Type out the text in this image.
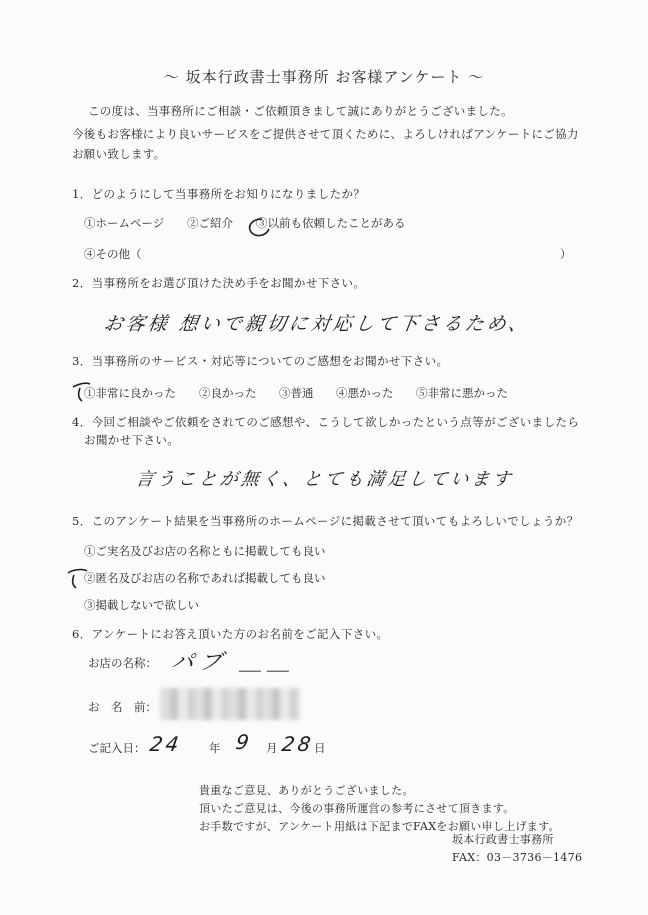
～ 坂本行政書士事務所 お客様アンケート ～
この度は、当事務所にご相談・ご依頼頂きまして誠にありがとうございました。
今後もお客様により良いサービスをご提供させて頂くために、よろしければアンケートにご協力
お願い致します。
1．どのようにして当事務所をお知りになりましたか？
①ホームページ ②ご紹介 ③以前も依頼したことがある
④その他（	）
2．当事務所をお選び頂けた決め手をお聞かせ下さい。
お客様 想いで親切に対応して下さるため、
3．当事務所のサービス・対応等についてのご感想をお聞かせ下さい。
①非常に良かった ②良かった ③普通 ④悪かった ⑤非常に悪かった
4．今回ご相談やご依頼をされてのご感想や、こうして欲しかったという点等がございましたら
お聞かせ下さい。
言うことが無く、とても満足しています
5．このアンケート結果を当事務所のホームページに掲載させて頂いてもよろしいでしょうか？
①ご実名及びお店の名称ともに掲載しても良い
②匿名及びお店の名称であれば掲載しても良い
③掲載しないで欲しい
6．アンケートにお答え頂いた方のお名前をご記入下さい。
お店の名称： パブ ＿＿
お　名　前：
ご記入日： 24 年 9 月 28
日
貴重なご意見、ありがとうございました。
頂いたご意見は、今後の事務所運営の参考にさせて頂きます。
お手数ですが、アンケート用紙は下記までFAXをお願い申し上げます。
坂本行政書士事務所
FAX：03－3736－1476
